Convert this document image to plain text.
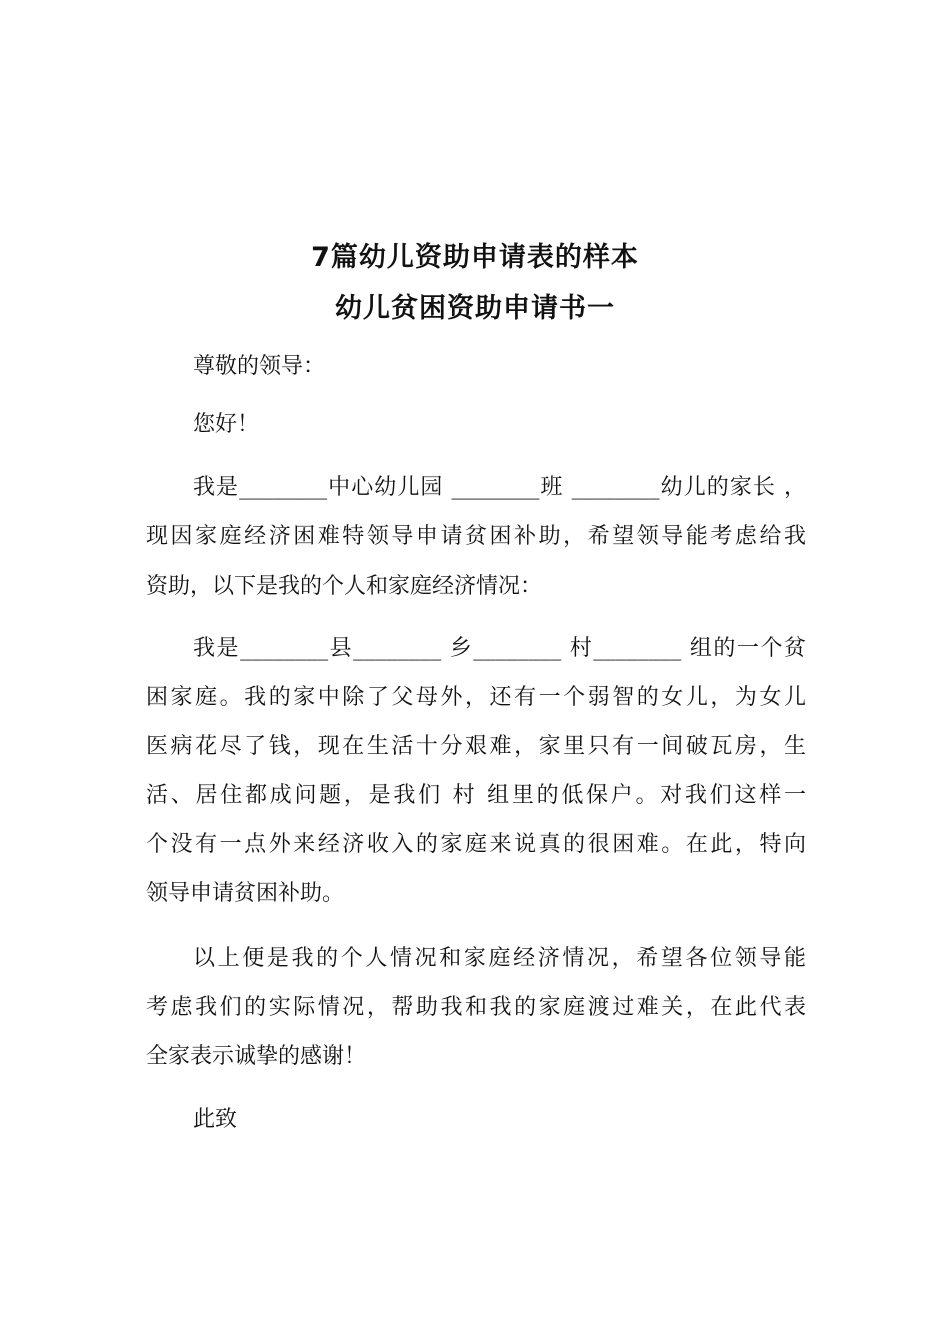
7篇幼儿资助申请表的样本
幼儿贫困资助申请书一
尊敬的领导：
您好！
我是________中心幼儿园 ________班 ________幼儿的家长 ，
现因家庭经济困难特领导申请贫困补助，希望领导能考虑给我
资助，以下是我的个人和家庭经济情况：
我是________县________ 乡________ 村________ 组的一个贫
困家庭。我的家中除了父母外，还有一个弱智的女儿，为女儿
医病花尽了钱，现在生活十分艰难，家里只有一间破瓦房，生
活、居住都成问题，是我们 村 组里的低保户。对我们这样一
个没有一点外来经济收入的家庭来说真的很困难。在此，特向
领导申请贫困补助。
以上便是我的个人情况和家庭经济情况，希望各位领导能
考虑我们的实际情况，帮助我和我的家庭渡过难关，在此代表
全家表示诚挚的感谢！
此致
